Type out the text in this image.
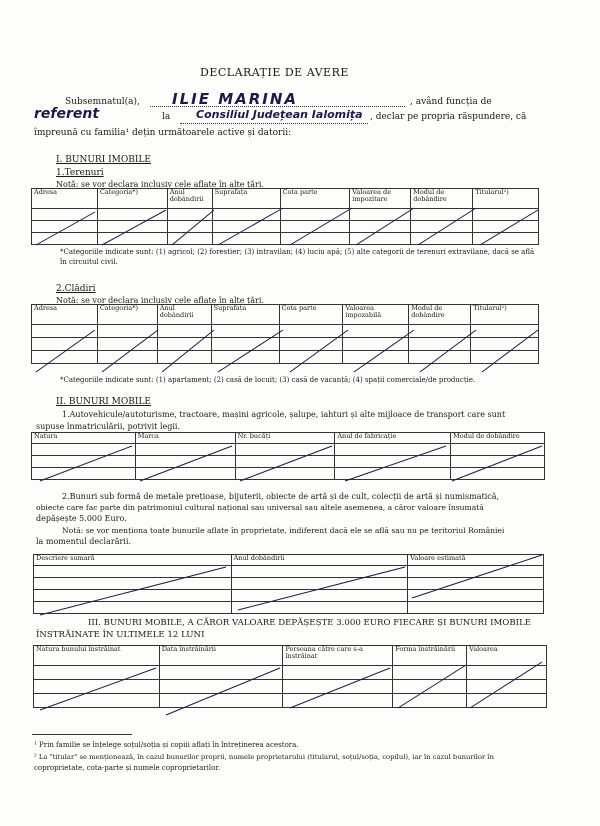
DECLARAȚIE DE AVERE
Subsemnatul(a), ILIE MARINA	, având funcția de
referent	la Consiliul Județean Ialomița , declar pe propria răspundere, că
împreună cu familia¹ dețin următoarele active și datorii:
I. BUNURI IMOBILE
1.Terenuri
Notă: se vor declara inclusiv cele aflate în alte țări.
Adresa	Categoria*)	Anul dobândirii	Suprafața	Cota parte	Valoarea de impozitare	Modul de dobândire	Titularul²)

*Categoriile indicate sunt: (1) agricol; (2) forestier; (3) intravilan; (4) luciu apă; (5) alte categorii de terenuri extravilane, dacă se află în circuitul civil.
2.Clădiri
Notă: se vor declara inclusiv cele aflate în alte țări.
Adresa	Categoria*)	Anul dobândirii	Suprafața	Cota parte	Valoarea impozabilă	Modul de dobândire	Titularul²)

*Categoriile indicate sunt: (1) apartament; (2) casă de locuit; (3) casă de vacanță; (4) spații comerciale/de producție.
II. BUNURI MOBILE
1.Autovehicule/autoturisme, tractoare, mașini agricole, șalupe, iahturi și alte mijloace de transport care sunt
supuse înmatriculării, potrivit legii.
Natura	Marca	Nr. bucăți	Anul de fabricație	Modul de dobândire

2.Bunuri sub formă de metale prețioase, bijuterii, obiecte de artă și de cult, colecții de artă și numismatică,
obiecte care fac parte din patrimoniul cultural național sau universal sau altele asemenea, a căror valoare însumată
depășește 5.000 Euro.
Notă: se vor menționa toate bunurile aflate în proprietate, indiferent dacă ele se află sau nu pe teritoriul României
la momentul declarării.
Descriere sumară	Anul dobândirii	Valoare estimată

III. BUNURI MOBILE, A CĂROR VALOARE DEPĂȘEȘTE 3.000 EURO FIECARE ȘI BUNURI IMOBILE
ÎNSTRĂINATE ÎN ULTIMELE 12 LUNI
Natura bunului înstrăinat	Data înstrăinării	Persoana către care s-a înstrăinat	Forma înstrăinării	Valoarea

¹ Prin familie se înțelege soțul/soția și copiii aflați în întreținerea acestora.
² La "titular" se menționează, în cazul bunurilor proprii, numele proprietarului (titularul, soțul/soția, copilul), iar în cazul bunurilor în
coproprietate, cota-parte și numele coproprietarilor.
